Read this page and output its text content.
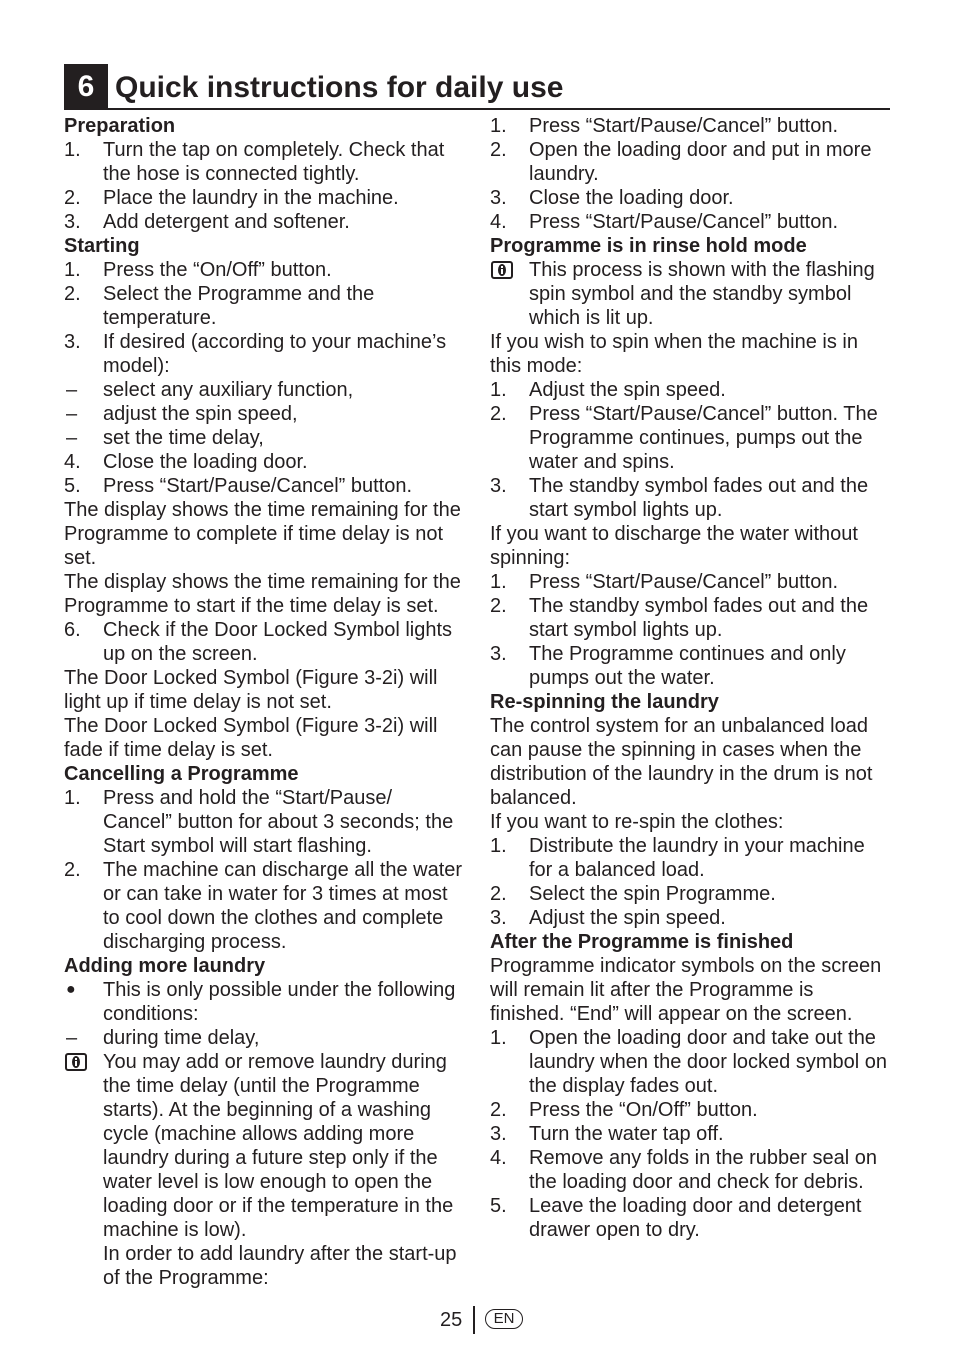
6 Quick instructions for daily use
Preparation
1. Turn the tap on completely. Check that the hose is connected tightly.
2. Place the laundry in the machine.
3. Add detergent and softener.
Starting
1. Press the “On/Off” button.
2. Select the Programme and the temperature.
3. If desired (according to your machine’s model):
– select any auxiliary function,
– adjust the spin speed,
– set the time delay,
4. Close the loading door.
5. Press “Start/Pause/Cancel” button.
The display shows the time remaining for the Programme to complete if time delay is not set.
The display shows the time remaining for the Programme to start if the time delay is set.
6. Check if the Door Locked Symbol lights up on the screen.
The Door Locked Symbol (Figure 3-2i) will light up if time delay is not set.
The Door Locked Symbol (Figure 3-2i) will fade if time delay is set.
Cancelling a Programme
1. Press and hold the “Start/Pause/ Cancel” button for about 3 seconds; the Start symbol will start flashing.
2. The machine can discharge all the water or can take in water for 3 times at most to cool down the clothes and complete discharging process.
Adding more laundry
● This is only possible under the following conditions:
– during time delay,
You may add or remove laundry during the time delay (until the Programme starts). At the beginning of a washing cycle (machine allows adding more laundry during a future step only if the water level is low enough to open the loading door or if the temperature in the machine is low).
In order to add laundry after the start-up of the Programme:
1. Press “Start/Pause/Cancel” button.
2. Open the loading door and put in more laundry.
3. Close the loading door.
4. Press “Start/Pause/Cancel” button.
Programme is in rinse hold mode
This process is shown with the flashing spin symbol and the standby symbol which is lit up.
If you wish to spin when the machine is in this mode:
1. Adjust the spin speed.
2. Press “Start/Pause/Cancel” button. The Programme continues, pumps out the water and spins.
3. The standby symbol fades out and the start symbol lights up.
If you want to discharge the water without spinning:
1. Press “Start/Pause/Cancel” button.
2. The standby symbol fades out and the start symbol lights up.
3. The Programme continues and only pumps out the water.
Re-spinning the laundry
The control system for an unbalanced load can pause the spinning in cases when the distribution of the laundry in the drum is not balanced.
If you want to re-spin the clothes:
1. Distribute the laundry in your machine for a balanced load.
2. Select the spin Programme.
3. Adjust the spin speed.
After the Programme is finished
Programme indicator symbols on the screen will remain lit after the Programme is finished. “End” will appear on the screen.
1. Open the loading door and take out the laundry when the door locked symbol on the display fades out.
2. Press the “On/Off” button.
3. Turn the water tap off.
4. Remove any folds in the rubber seal on the loading door and check for debris.
5. Leave the loading door and detergent drawer open to dry.
25	EN
